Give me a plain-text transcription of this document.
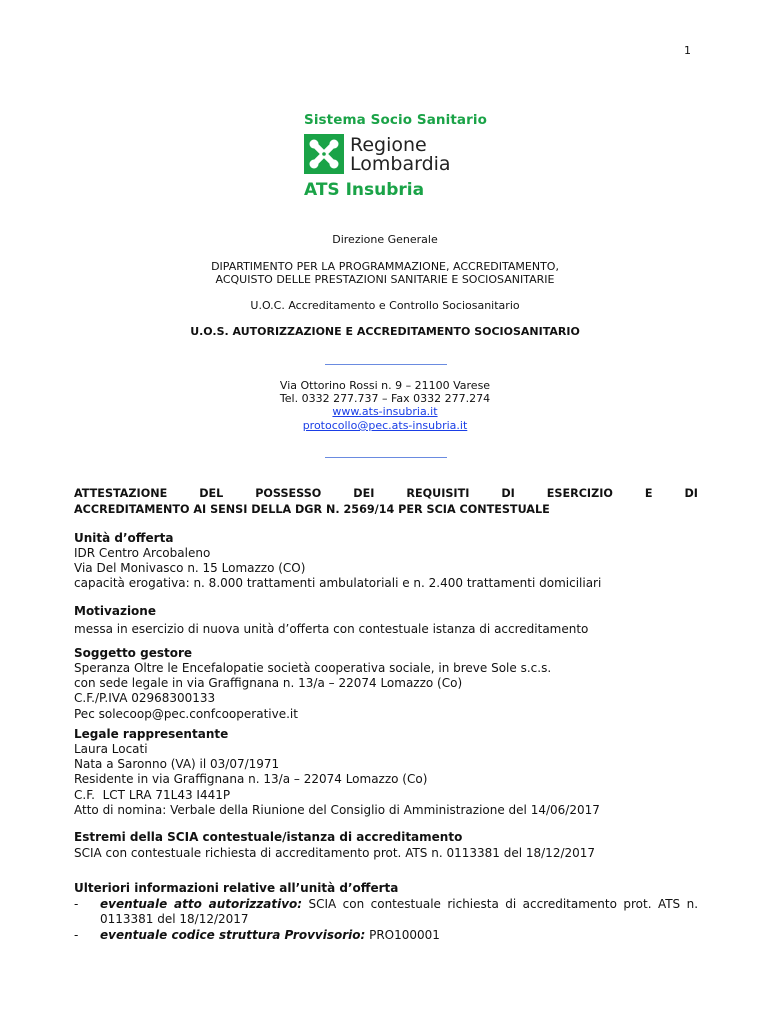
1
Sistema Socio Sanitario
Regione
Lombardia
ATS Insubria
Direzione Generale
DIPARTIMENTO PER LA PROGRAMMAZIONE, ACCREDITAMENTO,
ACQUISTO DELLE PRESTAZIONI SANITARIE E SOCIOSANITARIE
U.O.C. Accreditamento e Controllo Sociosanitario
U.O.S. AUTORIZZAZIONE E ACCREDITAMENTO SOCIOSANITARIO
Via Ottorino Rossi n. 9 – 21100 Varese
Tel. 0332 277.737 – Fax 0332 277.274
www.ats-insubria.it
protocollo@pec.ats-insubria.it
ATTESTAZIONE	DEL	POSSESSO	DEI	REQUISITI	DI	ESERCIZIO	E	DI
ACCREDITAMENTO AI SENSI DELLA DGR N. 2569/14 PER SCIA CONTESTUALE
Unità d’offerta
IDR Centro Arcobaleno
Via Del Monivasco n. 15 Lomazzo (CO)
capacità erogativa: n. 8.000 trattamenti ambulatoriali e n. 2.400 trattamenti domiciliari
Motivazione
messa in esercizio di nuova unità d’offerta con contestuale istanza di accreditamento
Soggetto gestore
Speranza Oltre le Encefalopatie società cooperativa sociale, in breve Sole s.c.s.
con sede legale in via Graffignana n. 13/a – 22074 Lomazzo (Co)
C.F./P.IVA 02968300133
Pec solecoop@pec.confcooperative.it
Legale rappresentante
Laura Locati
Nata a Saronno (VA) il 03/07/1971
Residente in via Graffignana n. 13/a – 22074 Lomazzo (Co)
C.F.  LCT LRA 71L43 I441P
Atto di nomina: Verbale della Riunione del Consiglio di Amministrazione del 14/06/2017
Estremi della SCIA contestuale/istanza di accreditamento
SCIA con contestuale richiesta di accreditamento prot. ATS n. 0113381 del 18/12/2017
Ulteriori informazioni relative all’unità d’offerta
- eventuale atto autorizzativo: SCIA con contestuale richiesta di accreditamento prot. ATS n. 0113381 del 18/12/2017
- eventuale codice struttura Provvisorio: PRO100001
